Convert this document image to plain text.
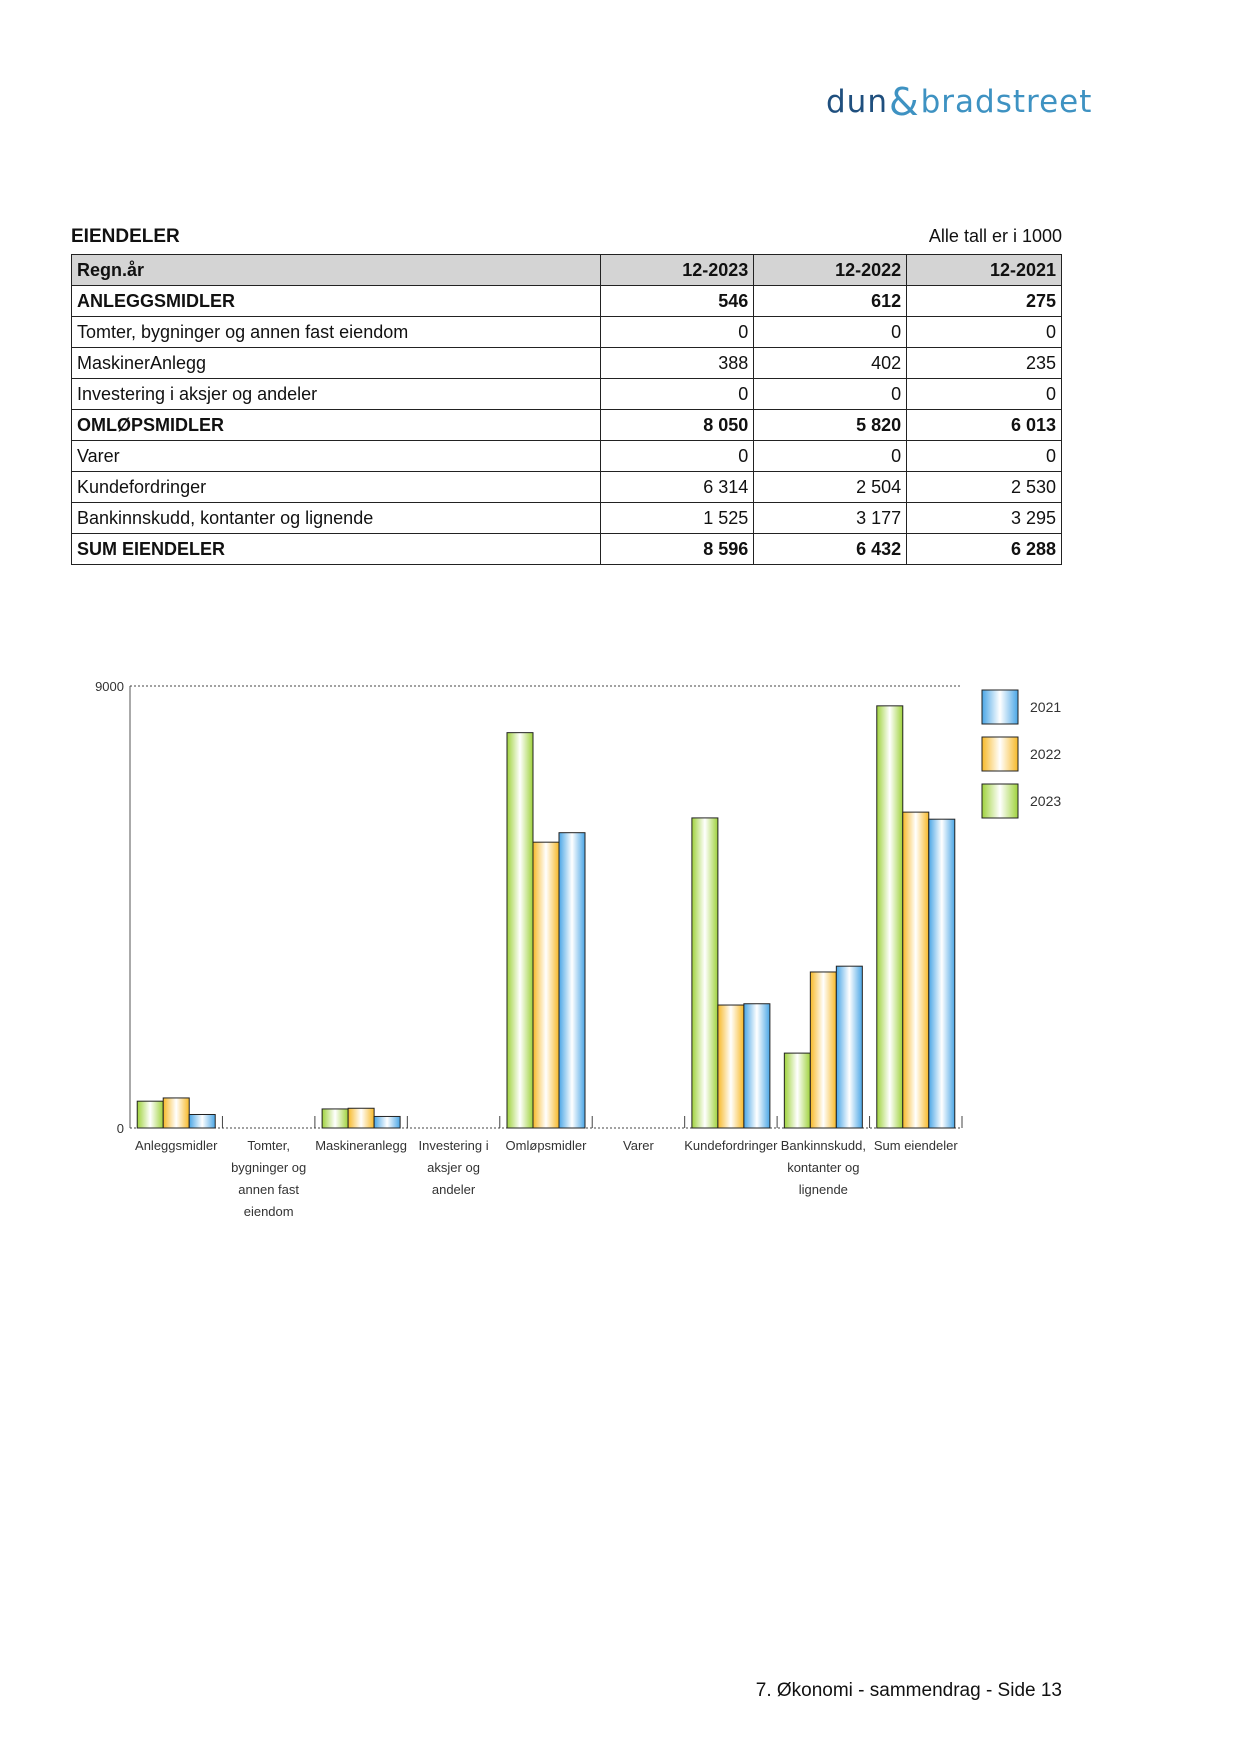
dun & bradstreet
EIENDELER	Alle tall er i 1000
Regn.år	12-2023	12-2022	12-2021
ANLEGGSMIDLER	546	612	275
Tomter, bygninger og annen fast eiendom	0	0	0
MaskinerAnlegg	388	402	235
Investering i aksjer og andeler	0	0	0
OMLØPSMIDLER	8 050	5 820	6 013
Varer	0	0	0
Kundefordringer	6 314	2 504	2 530
Bankinnskudd, kontanter og lignende	1 525	3 177	3 295
SUM EIENDELER	8 596	6 432	6 288
9000
0
Anleggsmidler Tomter,
bygninger og
annen fast
eiendom
Maskineranlegg Investering i
aksjer og
andeler
Omløpsmidler	Varer Kundefordringer Bankinnskudd,
kontanter og
lignende
Sum eiendeler
2021
2022
2023
7. Økonomi - sammendrag - Side 13
